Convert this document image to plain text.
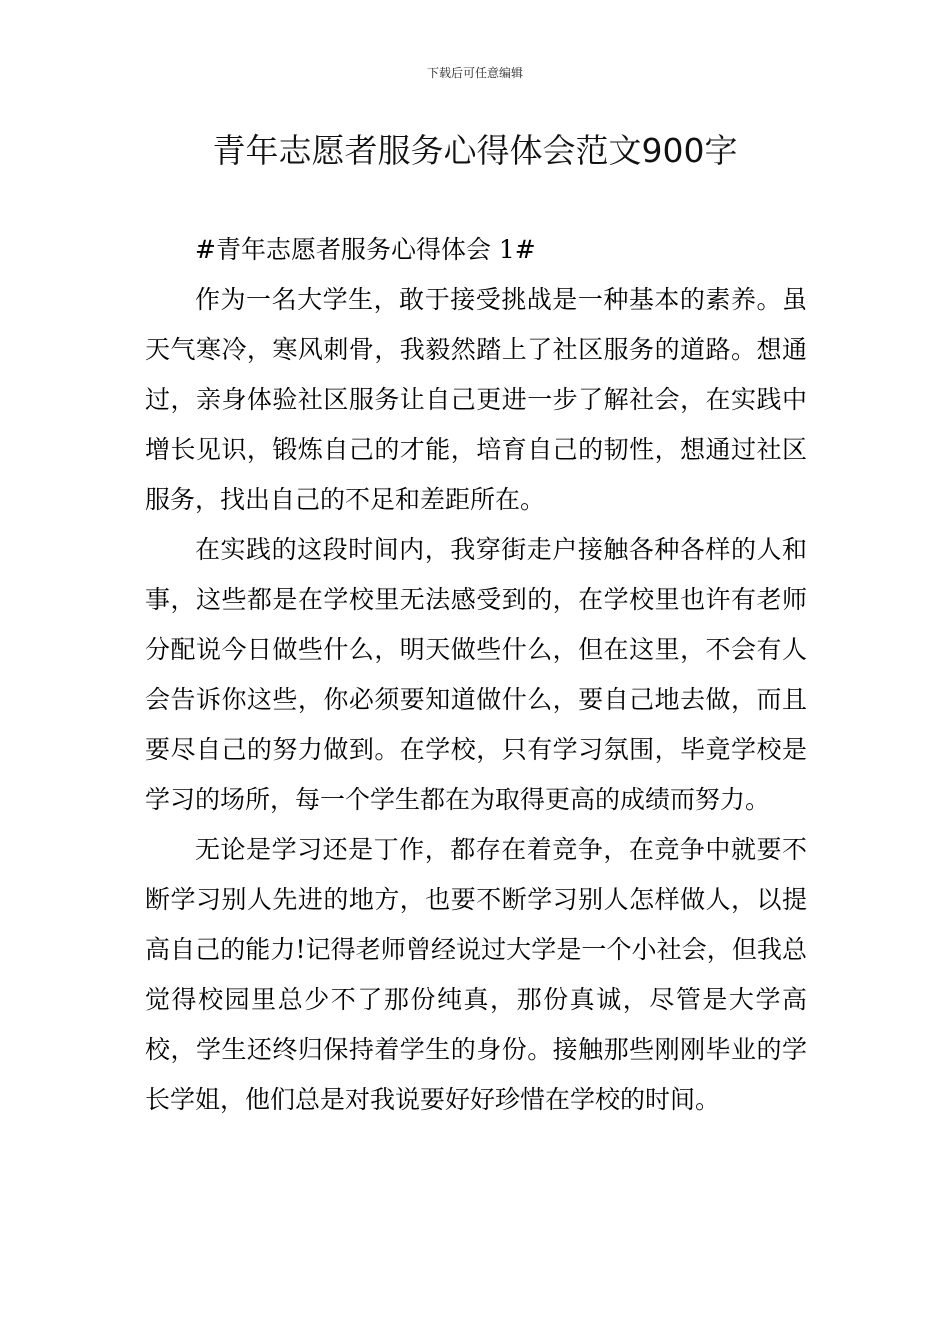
下载后可任意编辑
青年志愿者服务心得体会范文900字

#青年志愿者服务心得体会 1#

作为一名大学生，敢于接受挑战是一种基本的素养。虽天气寒冷，寒风刺骨，我毅然踏上了社区服务的道路。想通过，亲身体验社区服务让自己更进一步了解社会，在实践中增长见识，锻炼自己的才能，培育自己的韧性，想通过社区服务，找出自己的不足和差距所在。

在实践的这段时间内，我穿街走户接触各种各样的人和事，这些都是在学校里无法感受到的，在学校里也许有老师分配说今日做些什么，明天做些什么，但在这里，不会有人会告诉你这些，你必须要知道做什么，要自己地去做，而且要尽自己的努力做到。在学校，只有学习氛围，毕竟学校是学习的场所，每一个学生都在为取得更高的成绩而努力。

无论是学习还是丁作，都存在着竞争，在竞争中就要不断学习别人先进的地方，也要不断学习别人怎样做人，以提高自己的能力!记得老师曾经说过大学是一个小社会，但我总觉得校园里总少不了那份纯真，那份真诚，尽管是大学高校，学生还终归保持着学生的身份。接触那些刚刚毕业的学长学姐，他们总是对我说要好好珍惜在学校的时间。
